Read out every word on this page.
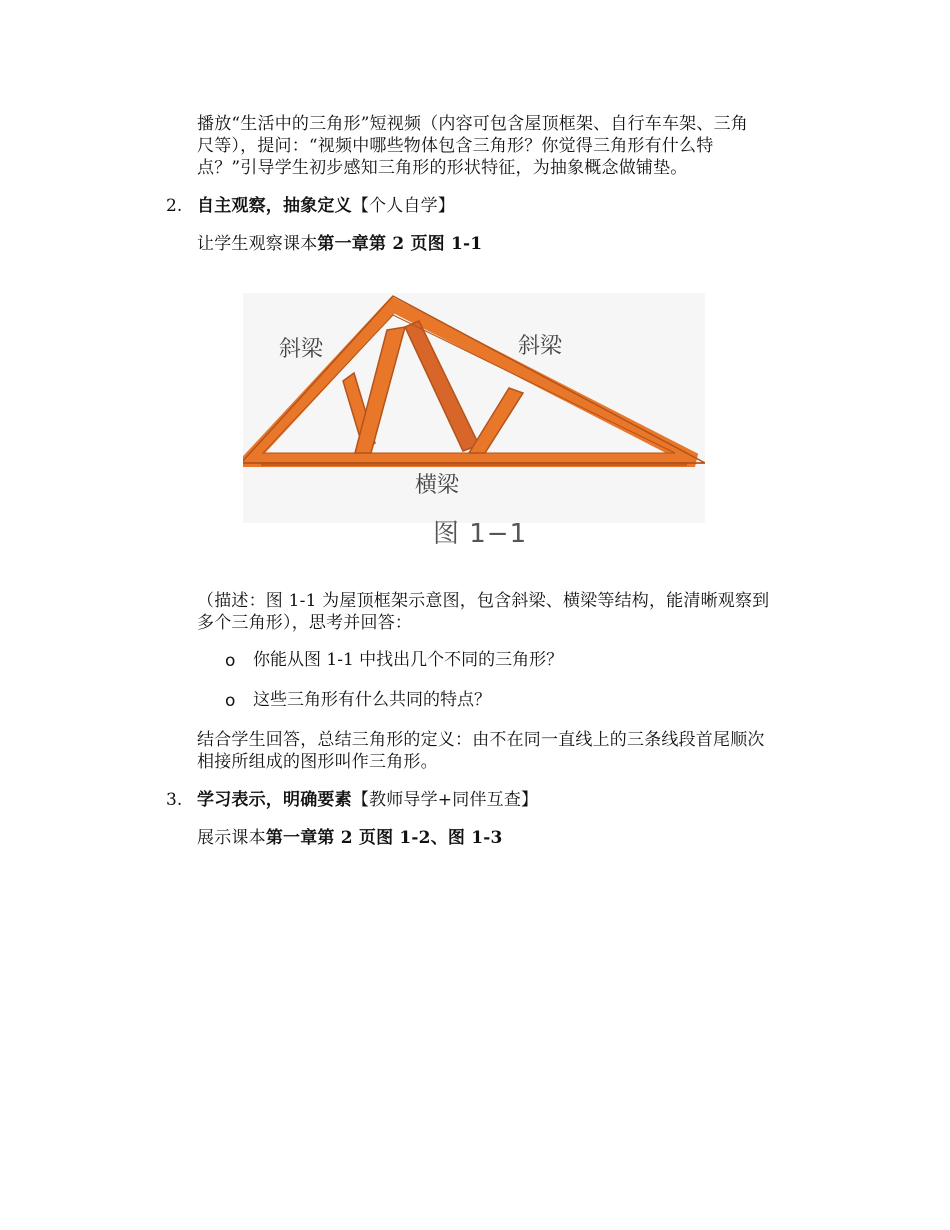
播放“生活中的三角形”短视频（内容可包含屋顶框架、自行车车架、三角
尺等），提问：“视频中哪些物体包含三角形？你觉得三角形有什么特
点？”引导学生初步感知三角形的形状特征，为抽象概念做铺垫。
2. 自主观察，抽象定义【个人自学】
让学生观察课本第一章第 2 页图 1-1
斜梁	斜梁
横梁
图 1−1
（描述：图 1-1 为屋顶框架示意图，包含斜梁、横梁等结构，能清晰观察到
多个三角形），思考并回答：
o 你能从图 1-1 中找出几个不同的三角形？
o 这些三角形有什么共同的特点？
结合学生回答，总结三角形的定义：由不在同一直线上的三条线段首尾顺次
相接所组成的图形叫作三角形。
3. 学习表示，明确要素【教师导学+同伴互查】
展示课本第一章第 2 页图 1-2、图 1-3
